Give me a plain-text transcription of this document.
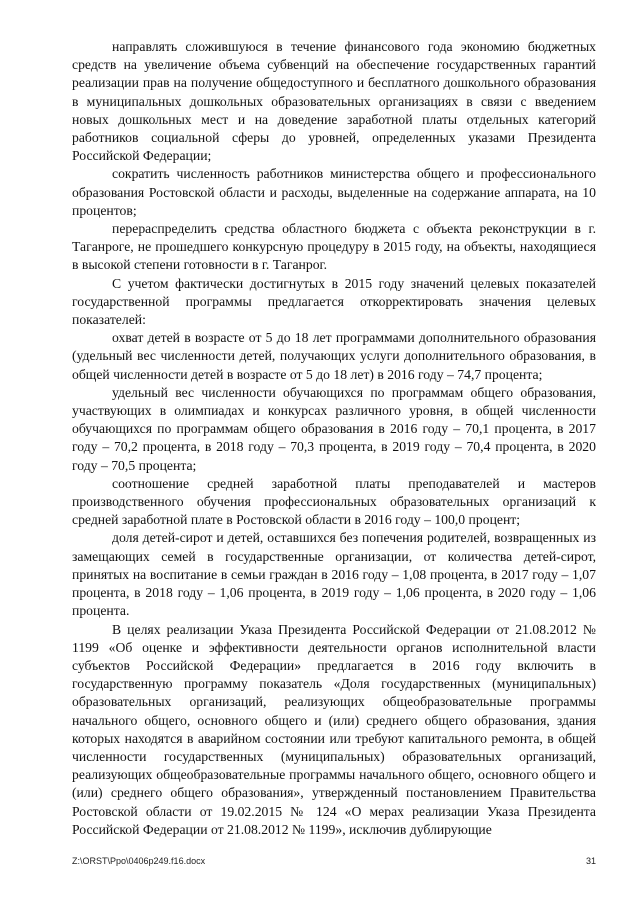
направлять сложившуюся в течение финансового года экономию бюджетных средств на увеличение объема субвенций на обеспечение государственных гарантий реализации прав на получение общедоступного и бесплатного дошкольного образования в муниципальных дошкольных образовательных организациях в связи с введением новых дошкольных мест и на доведение заработной платы отдельных категорий работников социальной сферы до уровней, определенных указами Президента Российской Федерации;

сократить численность работников министерства общего и профессионального образования Ростовской области и расходы, выделенные на содержание аппарата, на 10 процентов;

перераспределить средства областного бюджета с объекта реконструкции в г. Таганроге, не прошедшего конкурсную процедуру в 2015 году, на объекты, находящиеся в высокой степени готовности в г. Таганрог.

С учетом фактически достигнутых в 2015 году значений целевых показателей государственной программы предлагается откорректировать значения целевых показателей:

охват детей в возрасте от 5 до 18 лет программами дополнительного образования (удельный вес численности детей, получающих услуги дополнительного образования, в общей численности детей в возрасте от 5 до 18 лет) в 2016 году – 74,7 процента;

удельный вес численности обучающихся по программам общего образования, участвующих в олимпиадах и конкурсах различного уровня, в общей численности обучающихся по программам общего образования в 2016 году – 70,1 процента, в 2017 году – 70,2 процента, в 2018 году – 70,3 процента, в 2019 году – 70,4 процента, в 2020 году – 70,5 процента;

соотношение средней заработной платы преподавателей и мастеров производственного обучения профессиональных образовательных организаций к средней заработной плате в Ростовской области в 2016 году – 100,0 процент;

доля детей-сирот и детей, оставшихся без попечения родителей, возвращенных из замещающих семей в государственные организации, от количества детей-сирот, принятых на воспитание в семьи граждан в 2016 году – 1,08 процента, в 2017 году – 1,07 процента, в 2018 году – 1,06 процента, в 2019 году – 1,06 процента, в 2020 году – 1,06 процента.

В целях реализации Указа Президента Российской Федерации от 21.08.2012 № 1199 «Об оценке и эффективности деятельности органов исполнительной власти субъектов Российской Федерации» предлагается в 2016 году включить в государственную программу показатель «Доля государственных (муниципальных) образовательных организаций, реализующих общеобразовательные программы начального общего, основного общего и (или) среднего общего образования, здания которых находятся в аварийном состоянии или требуют капитального ремонта, в общей численности государственных (муниципальных) образовательных организаций, реализующих общеобразовательные программы начального общего, основного общего и (или) среднего общего образования», утвержденный постановлением Правительства Ростовской области от 19.02.2015 № 124 «О мерах реализации Указа Президента Российской Федерации от 21.08.2012 № 1199», исключив дублирующие

Z:\ORST\Ppo\0406p249.f16.docx	31
